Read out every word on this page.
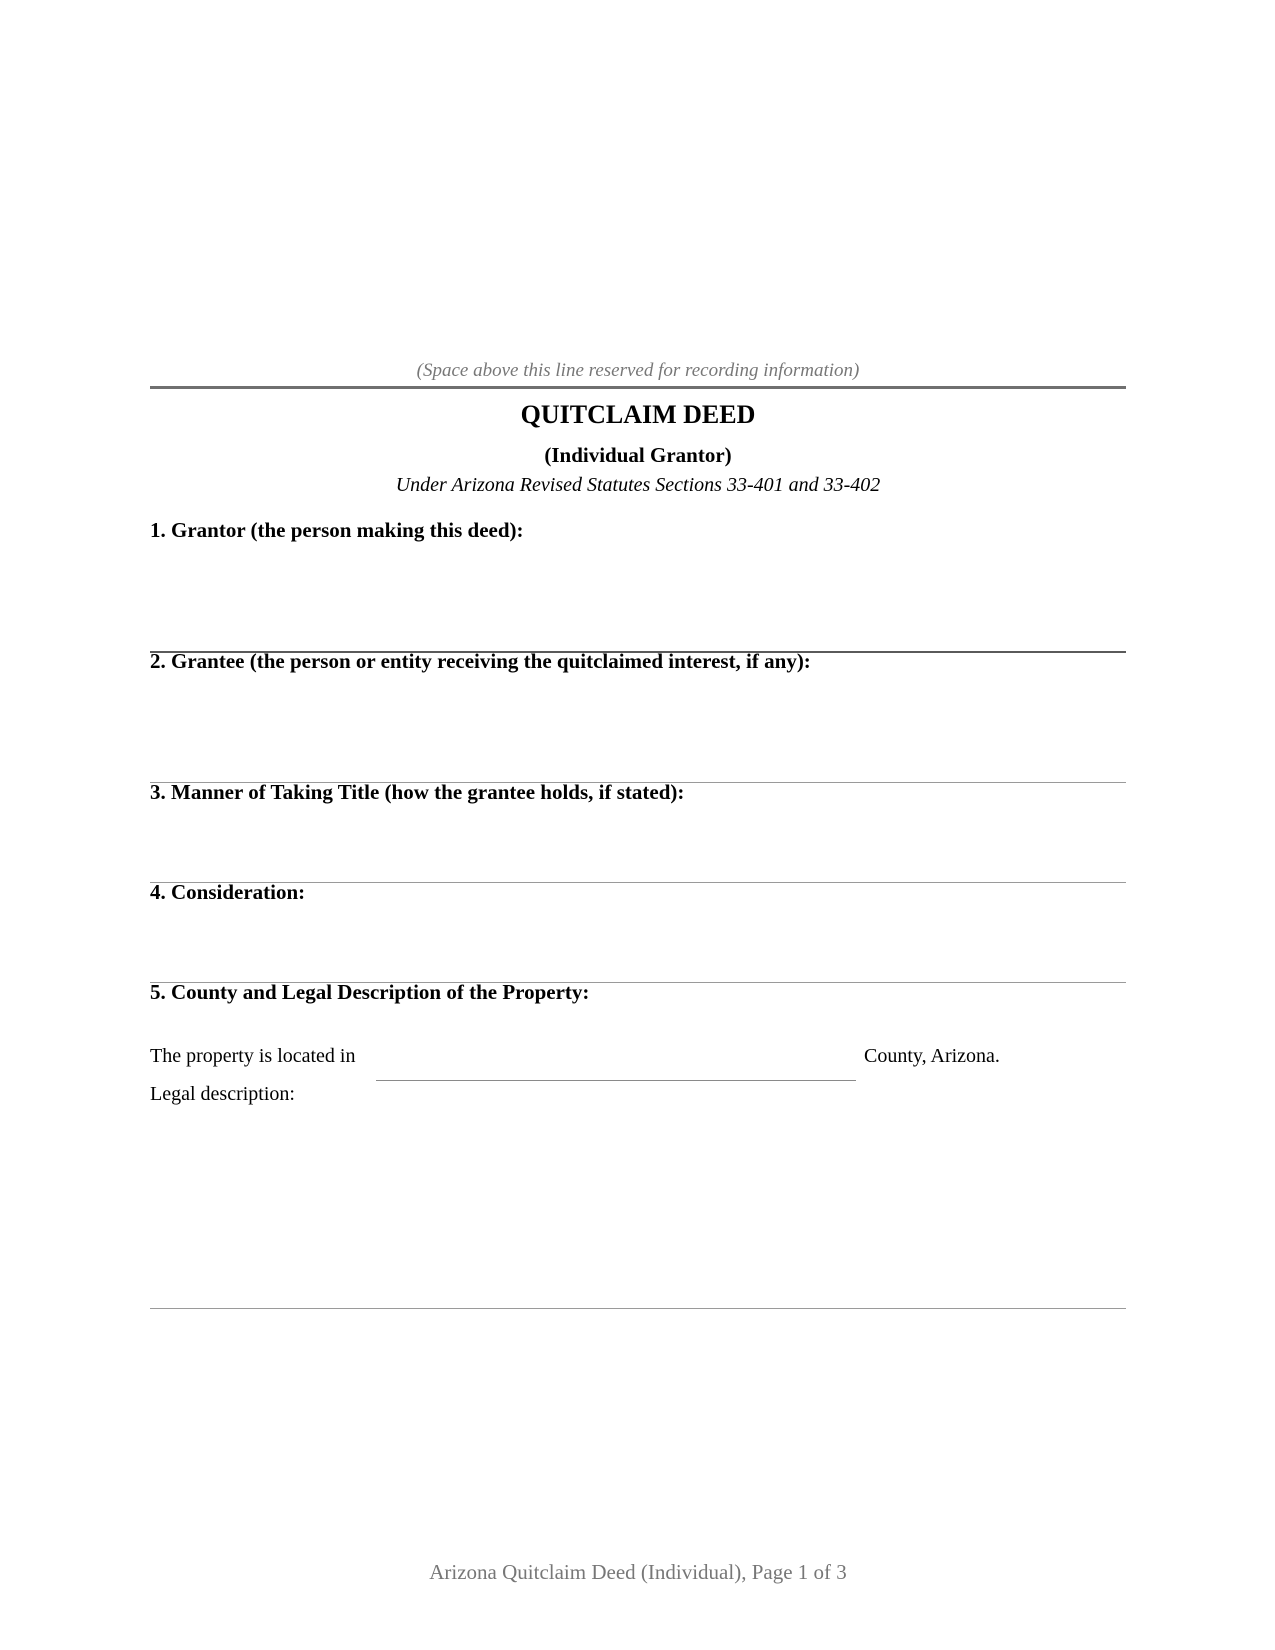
(Space above this line reserved for recording information)
QUITCLAIM DEED
(Individual Grantor)
Under Arizona Revised Statutes Sections 33-401 and 33-402
1. Grantor (the person making this deed):
2. Grantee (the person or entity receiving the quitclaimed interest, if any):
3. Manner of Taking Title (how the grantee holds, if stated):
4. Consideration:
5. County and Legal Description of the Property:
The property is located in	County, Arizona.
Legal description:
Arizona Quitclaim Deed (Individual), Page 1 of 3
